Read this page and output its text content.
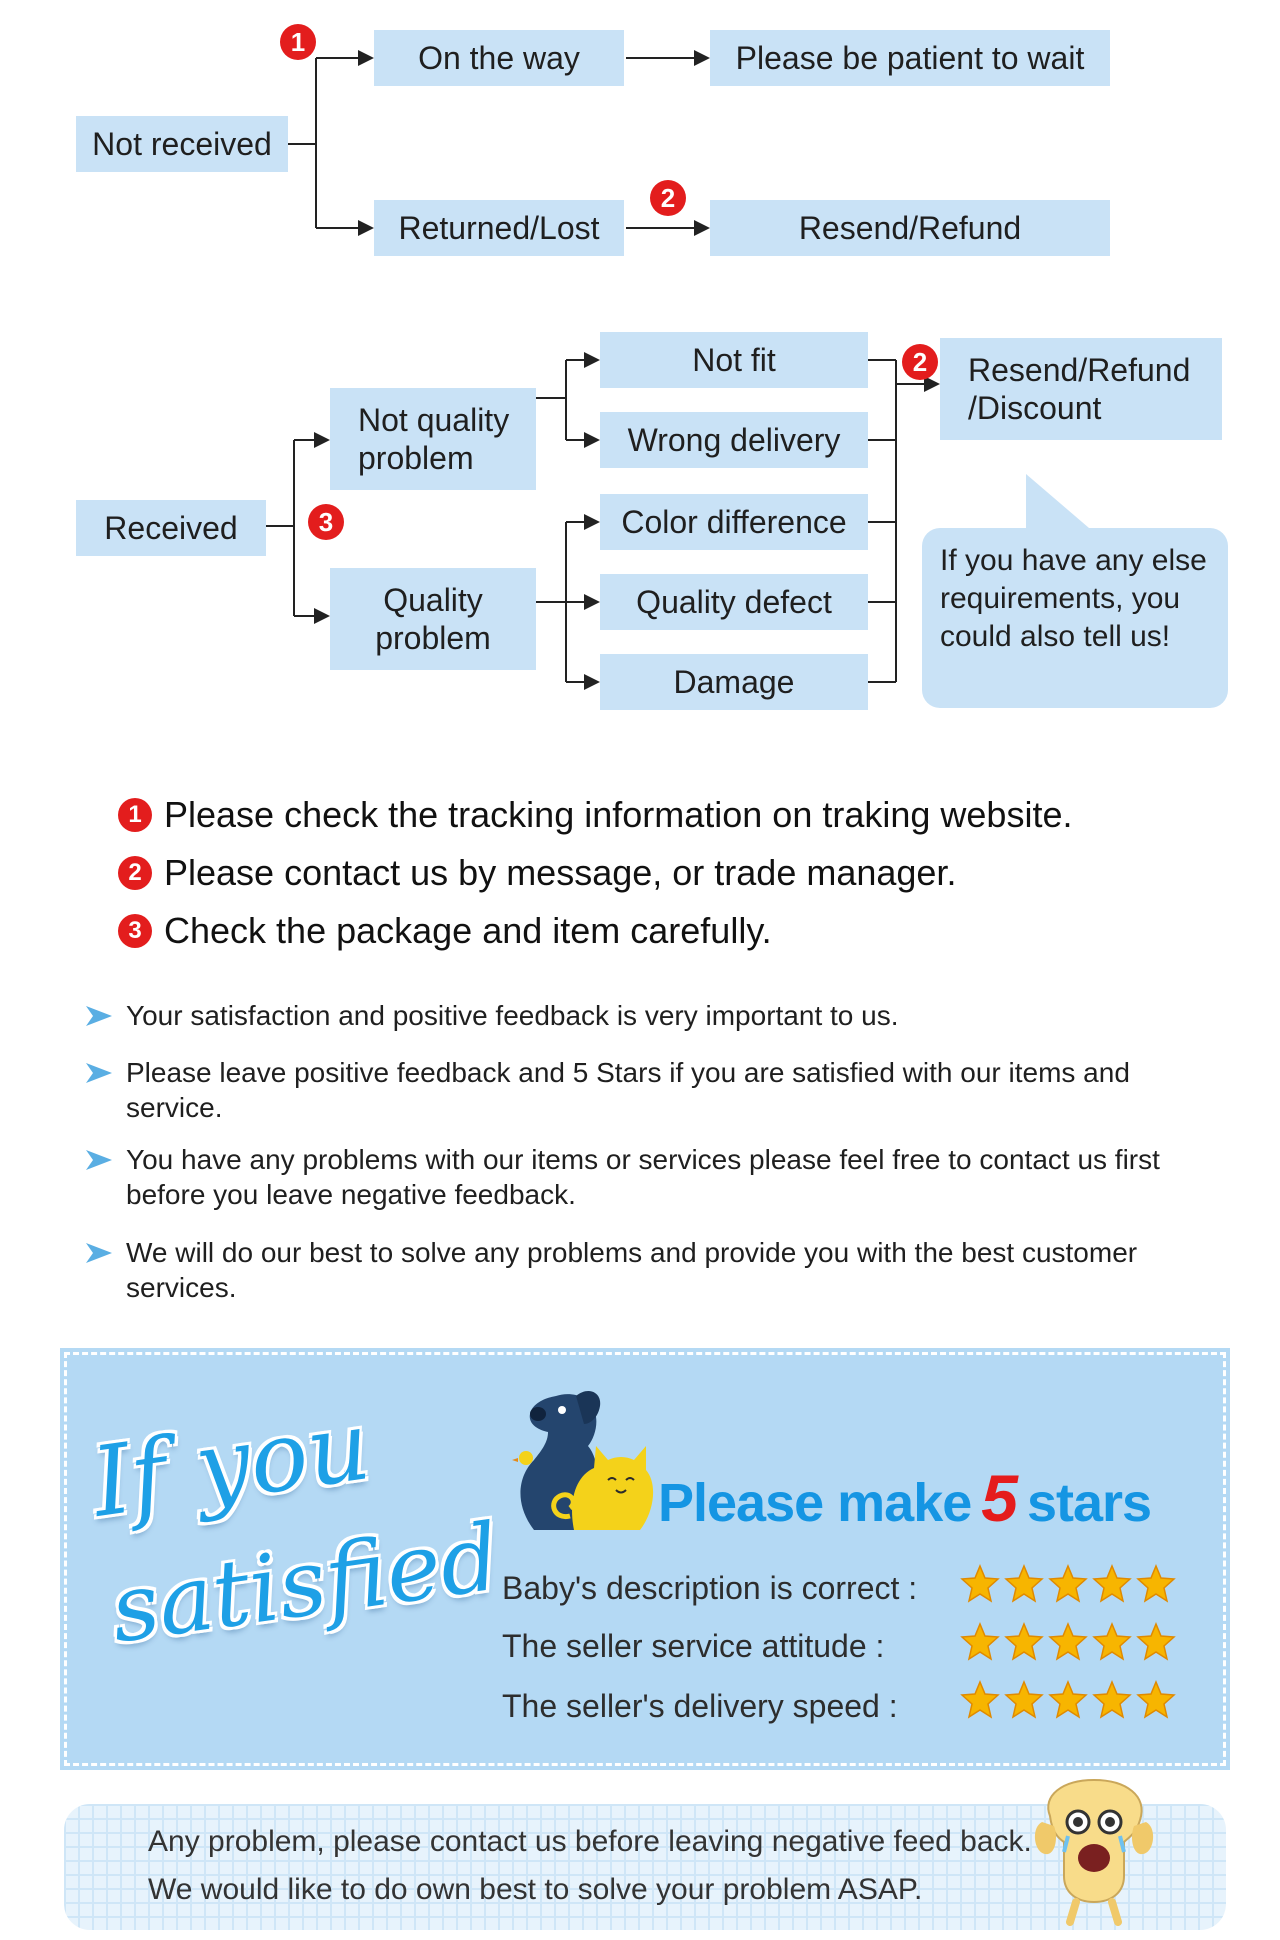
Not received
1	On the way	Please be patient to wait
Returned/Lost
2
Resend/Refund
Received	3
Not quality problem
Quality problem
Not fit
Wrong delivery
Color difference
Quality defect
Damage
2	Resend/Refund /Discount
If you have any else requirements, you could also tell us!
1 Please check the tracking information on traking website.
2 Please contact us by message, or trade manager.
3 Check the package and item carefully.
Your satisfaction and positive feedback is very important to us.
Please leave positive feedback and 5 Stars if you are satisfied with our items and service.
You have any problems with our items or services please feel free to contact us first before you leave negative feedback.
We will do our best to solve any problems and provide you with the best customer services.
If you
satisfied
Please make 5 stars
Baby's description is correct :
The seller service attitude :
The seller's delivery speed :
Any problem, please contact us before leaving negative feed back. We would like to do own best to solve your problem ASAP.
